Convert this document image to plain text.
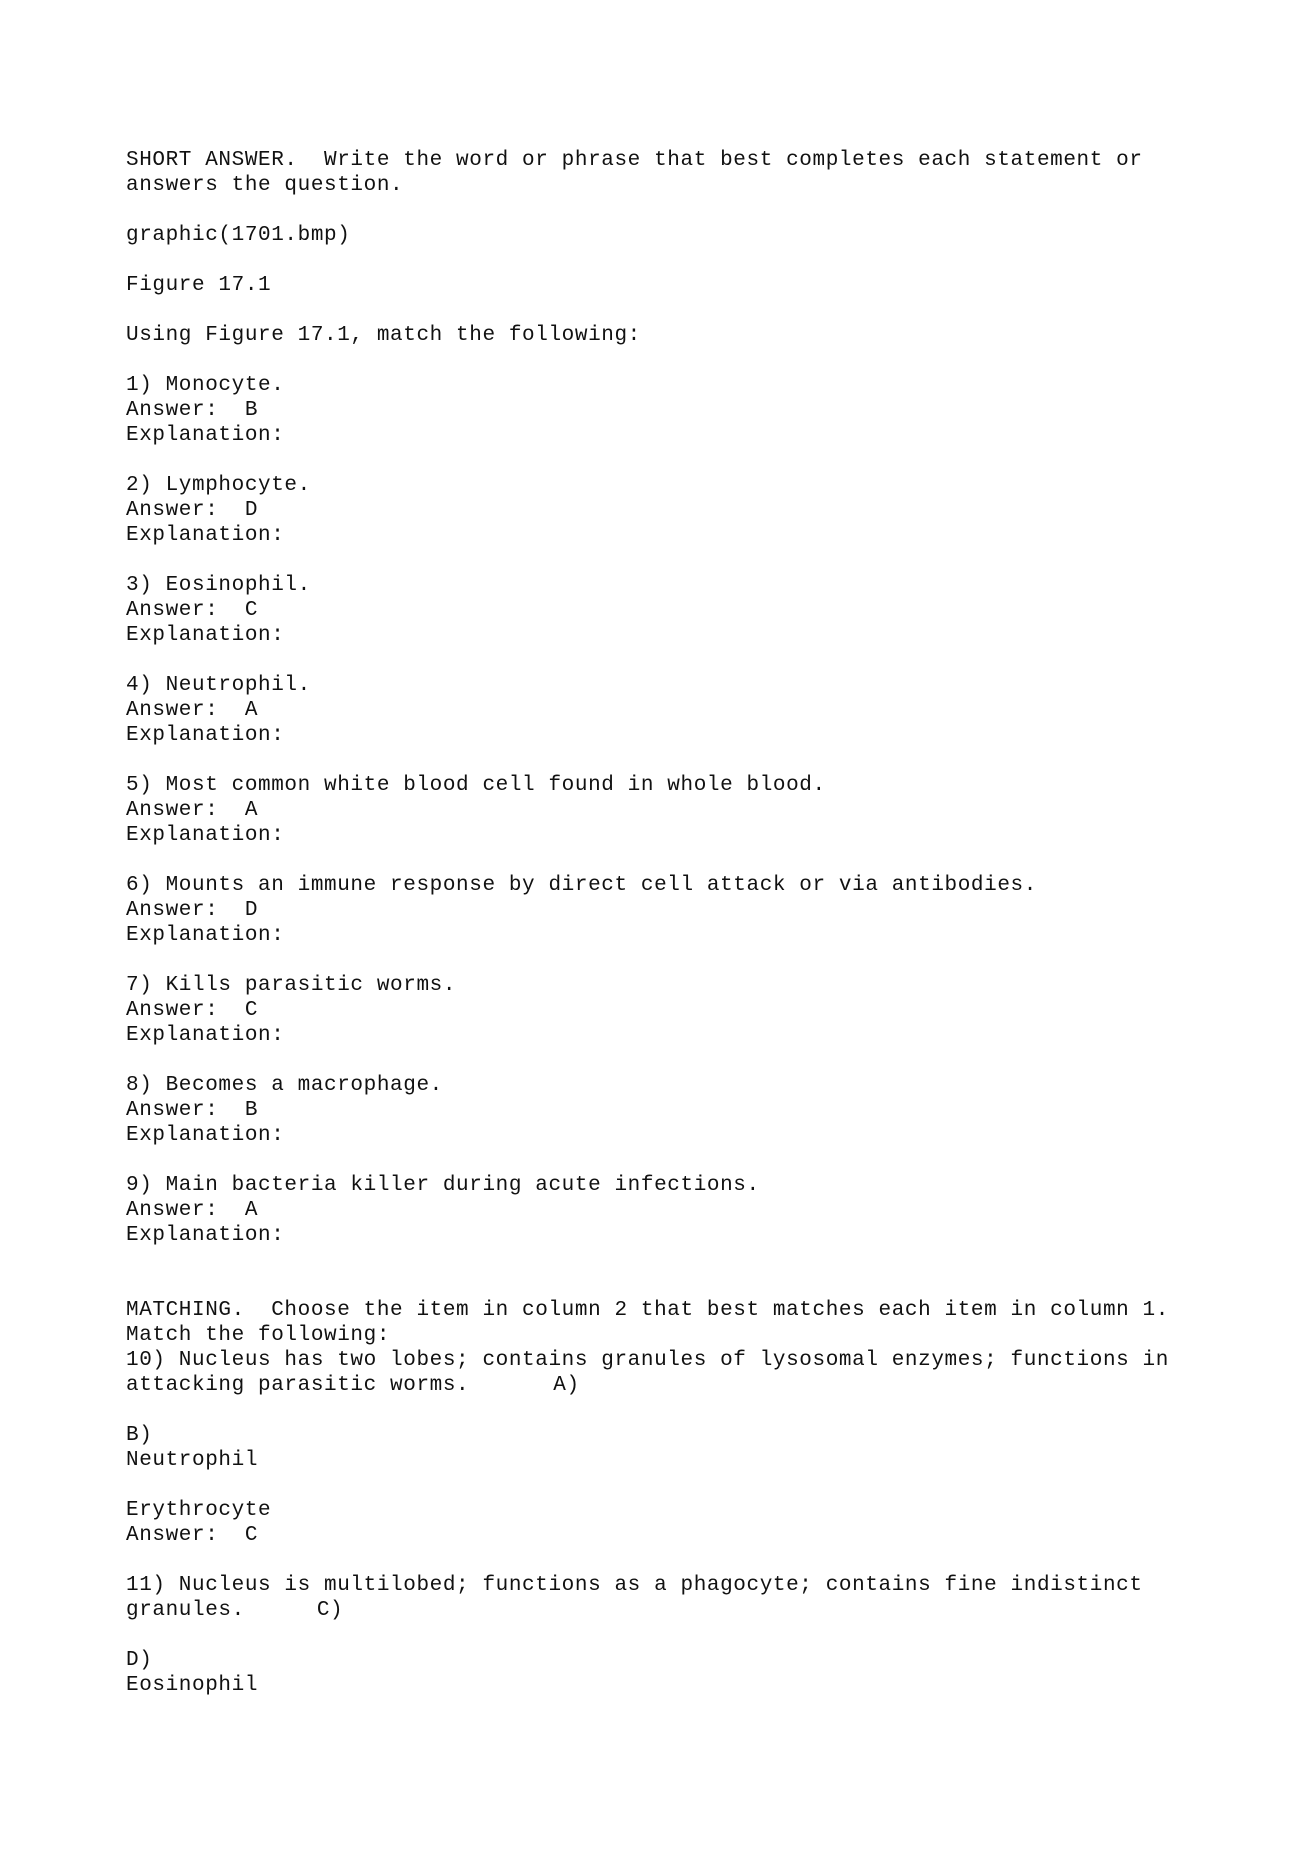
SHORT ANSWER.  Write the word or phrase that best completes each statement or
answers the question.
graphic(1701.bmp)
Figure 17.1
Using Figure 17.1, match the following:
1) Monocyte.
Answer:  B
Explanation:
2) Lymphocyte.
Answer:  D
Explanation:
3) Eosinophil.
Answer:  C
Explanation:
4) Neutrophil.
Answer:  A
Explanation:
5) Most common white blood cell found in whole blood.
Answer:  A
Explanation:
6) Mounts an immune response by direct cell attack or via antibodies.
Answer:  D
Explanation:
7) Kills parasitic worms.
Answer:  C
Explanation:
8) Becomes a macrophage.
Answer:  B
Explanation:
9) Main bacteria killer during acute infections.
Answer:  A
Explanation:
MATCHING.  Choose the item in column 2 that best matches each item in column 1.
Match the following:
10) Nucleus has two lobes; contains granules of lysosomal enzymes; functions in
attacking parasitic worms.	A)
B)
Neutrophil
Erythrocyte
Answer:  C
11) Nucleus is multilobed; functions as a phagocyte; contains fine indistinct
granules.	C)
D)
Eosinophil
